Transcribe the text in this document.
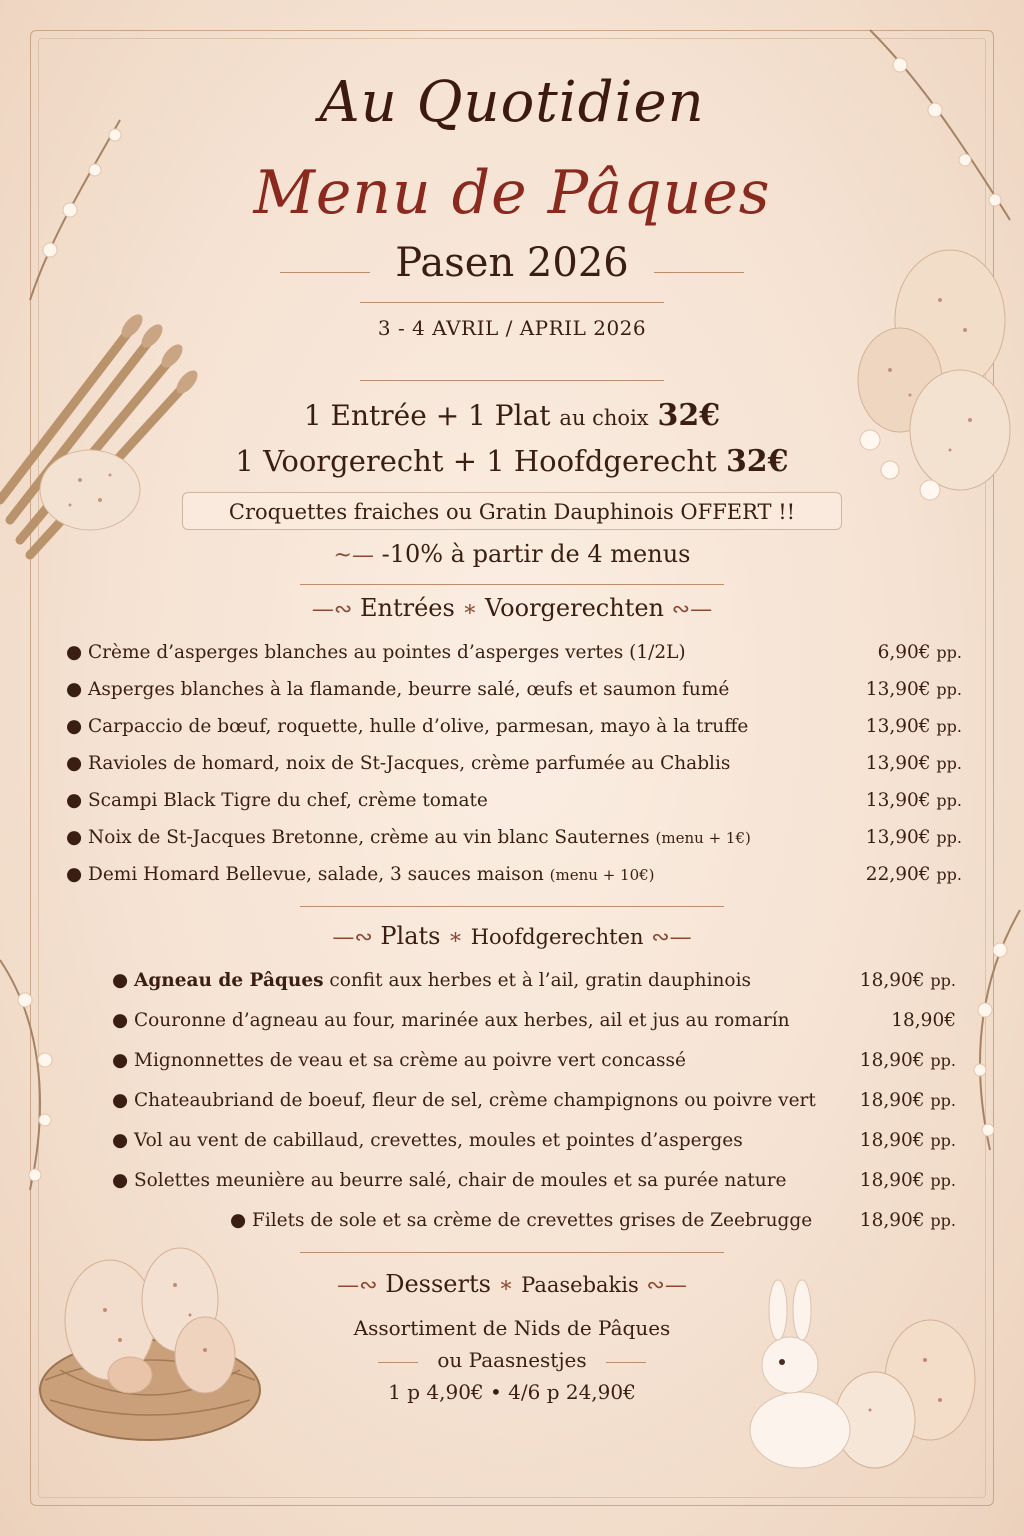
Au Quotidien
Menu de Pâques
Pasen 2026
3 - 4 AVRIL / APRIL 2026
1 Entrée + 1 Plat au choix 32€
1 Voorgerecht + 1 Hoofdgerecht 32€
Croquettes fraiches ou Gratin Dauphinois OFFERT !!
~— -10% à partir de 4 menus
—∾ Entrées ∗ Voorgerechten ∾—
● Crème d’asperges blanches au pointes d’asperges vertes (1/2L)	6,90€ pp.
● Asperges blanches à la flamande, beurre salé, œufs et saumon fumé	13,90€ pp.
● Carpaccio de bœuf, roquette, hulle d’olive, parmesan, mayo à la truffe	13,90€ pp.
● Ravioles de homard, noix de St-Jacques, crème parfumée au Chablis	13,90€ pp.
● Scampi Black Tigre du chef, crème tomate	13,90€ pp.
● Noix de St-Jacques Bretonne, crème au vin blanc Sauternes (menu + 1€)	13,90€ pp.
● Demi Homard Bellevue, salade, 3 sauces maison (menu + 10€)	22,90€ pp.
—∾ Plats ∗ Hoofdgerechten ∾—
● Agneau de Pâques confit aux herbes et à l’ail, gratin dauphinois	18,90€ pp.
● Couronne d’agneau au four, marinée aux herbes, ail et jus au romarín	18,90€
● Mignonnettes de veau et sa crème au poivre vert concassé	18,90€ pp.
● Chateaubriand de boeuf, fleur de sel, crème champignons ou poivre vert 18,90€ pp.
● Vol au vent de cabillaud, crevettes, moules et pointes d’asperges	18,90€ pp.
● Solettes meunière au beurre salé, chair de moules et sa purée nature	18,90€ pp.
● Filets de sole et sa crème de crevettes grises de Zeebrugge	18,90€ pp.
—∾ Desserts ∗ Paasebakis ∾—
Assortiment de Nids de Pâques
ou Paasnestjes
1 p 4,90€ • 4/6 p 24,90€
